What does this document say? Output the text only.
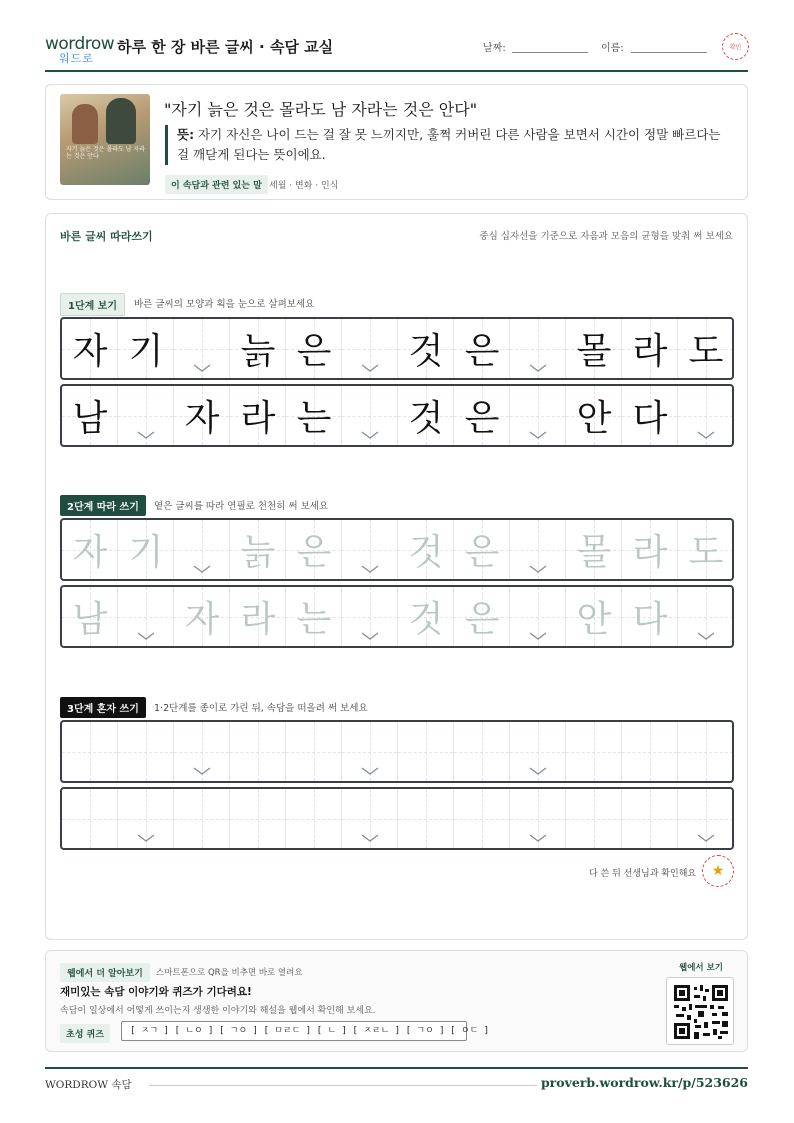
wordrow
워드로
하루 한 장 바른 글씨 · 속담 교실	날짜:	이름:	확인
자기 늙은 것은 몰라도 남 자라는 것은 안다
"자기 늙은 것은 몰라도 남 자라는 것은 안다"
뜻: 자기 자신은 나이 드는 걸 잘 못 느끼지만, 훌쩍 커버린 다른 사람을 보면서 시간이 정말 빠르다는 걸 깨닫게 된다는 뜻이에요.
이 속담과 관련 있는 말 세월 · 변화 · 인식
바른 글씨 따라쓰기	중심 십자선을 기준으로 자음과 모음의 균형을 맞춰 써 보세요
1단계 보기	바른 글씨의 모양과 획을 눈으로 살펴보세요
자 기 늙 은 것 은 몰 라 도
남 자 라 는 것 은 안 다
2단계 따라 쓰기	옅은 글씨를 따라 연필로 천천히 써 보세요
자 기 늙 은 것 은 몰 라 도
남 자 라 는 것 은 안 다
3단계 혼자 쓰기	1·2단계를 종이로 가린 뒤, 속담을 떠올려 써 보세요
다 쓴 뒤 선생님과 확인해요	★
웹에서 더 알아보기	스마트폰으로 QR을 비추면 바로 열려요
재미있는 속담 이야기와 퀴즈가 기다려요!
속담이 일상에서 어떻게 쓰이는지 생생한 이야기와 해설을 웹에서 확인해 보세요.
초성 퀴즈	[ ㅈㄱ ] [ ㄴㅇ ] [ ㄱㅇ ] [ ㅁㄹㄷ ] [ ㄴ ] [ ㅈㄹㄴ ] [ ㄱㅇ ] [ ㅇㄷ ]
웹에서 보기
WORDROW 속담	proverb.wordrow.kr/p/523626
